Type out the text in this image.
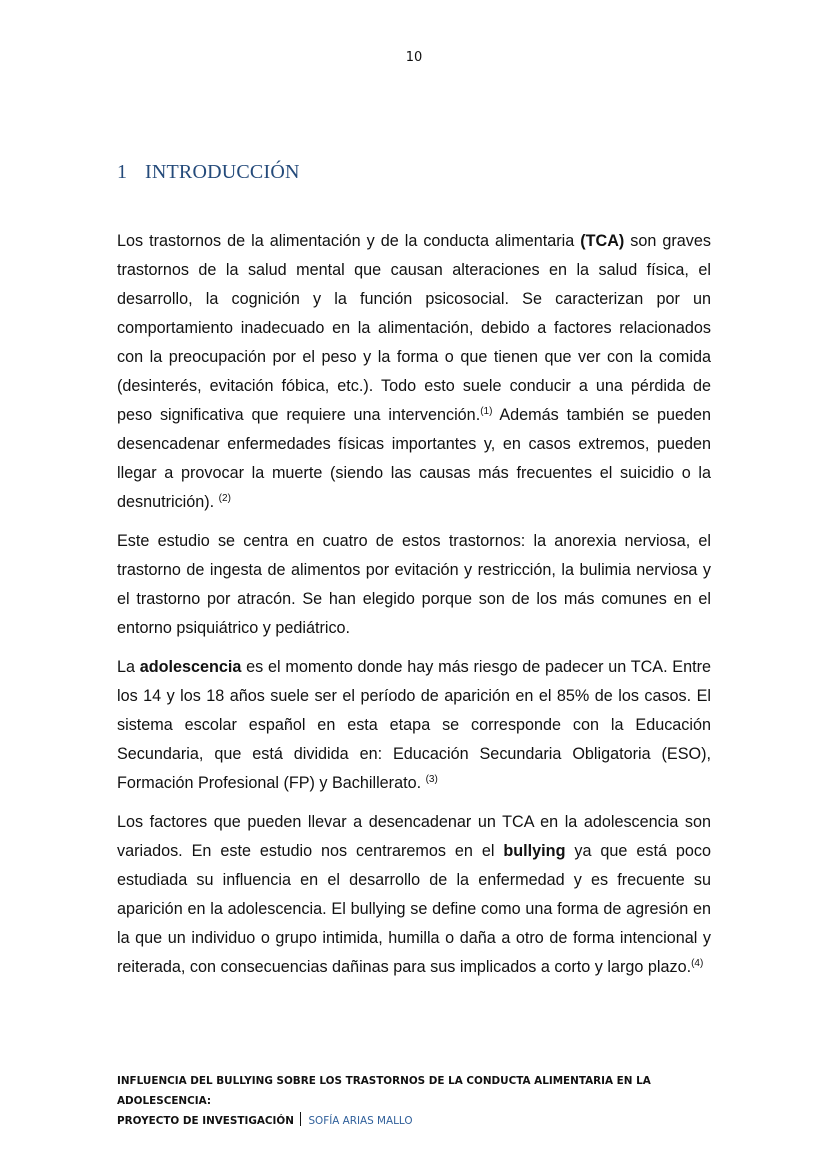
10
1 INTRODUCCIÓN

Los trastornos de la alimentación y de la conducta alimentaria (TCA) son graves trastornos de la salud mental que causan alteraciones en la salud física, el desarrollo, la cognición y la función psicosocial. Se caracterizan por un comportamiento inadecuado en la alimentación, debido a factores relacionados con la preocupación por el peso y la forma o que tienen que ver con la comida (desinterés, evitación fóbica, etc.). Todo esto suele conducir a una pérdida de peso significativa que requiere una intervención.$^{(1)}$ Además también se pueden desencadenar enfermedades físicas importantes y, en casos extremos, pueden llegar a provocar la muerte (siendo las causas más frecuentes el suicidio o la desnutrición). $^{(2)}$

Este estudio se centra en cuatro de estos trastornos: la anorexia nerviosa, el trastorno de ingesta de alimentos por evitación y restricción, la bulimia nerviosa y el trastorno por atracón. Se han elegido porque son de los más comunes en el entorno psiquiátrico y pediátrico.

La adolescencia es el momento donde hay más riesgo de padecer un TCA. Entre los 14 y los 18 años suele ser el período de aparición en el 85% de los casos. El sistema escolar español en esta etapa se corresponde con la Educación Secundaria, que está dividida en: Educación Secundaria Obligatoria (ESO), Formación Profesional (FP) y Bachillerato. $^{(3)}$

Los factores que pueden llevar a desencadenar un TCA en la adolescencia son variados. En este estudio nos centraremos en el bullying ya que está poco estudiada su influencia en el desarrollo de la enfermedad y es frecuente su aparición en la adolescencia. El bullying se define como una forma de agresión en la que un individuo o grupo intimida, humilla o daña a otro de forma intencional y reiterada, con consecuencias dañinas para sus implicados a corto y largo plazo.$^{(4)}$

INFLUENCIA DEL BULLYING SOBRE LOS TRASTORNOS DE LA CONDUCTA ALIMENTARIA EN LA ADOLESCENCIA:
PROYECTO DE INVESTIGACIÓN SOFÍA ARIAS MALLO
